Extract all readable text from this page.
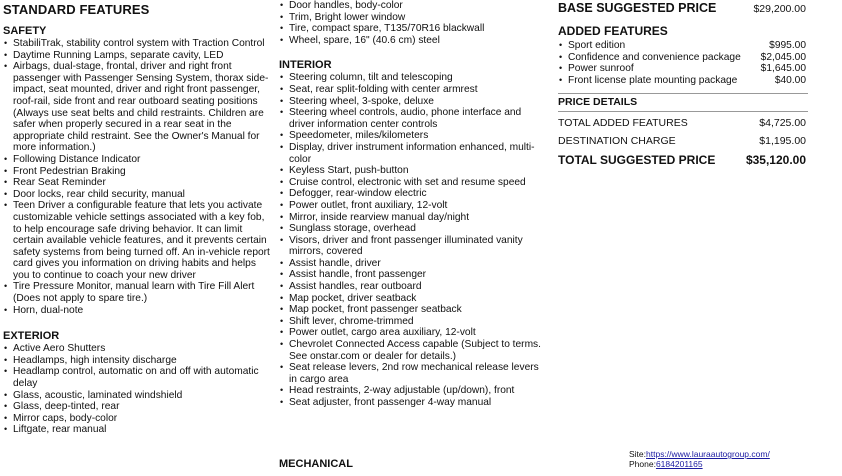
STANDARD FEATURES
SAFETY
• StabiliTrak, stability control system with Traction Control
• Daytime Running Lamps, separate cavity, LED
• Airbags, dual-stage, frontal, driver and right front passenger with Passenger Sensing System, thorax side-impact, seat mounted, driver and right front passenger, roof-rail, side front and rear outboard seating positions (Always use seat belts and child restraints. Children are safer when properly secured in a rear seat in the appropriate child restraint. See the Owner's Manual for more information.)
• Following Distance Indicator
• Front Pedestrian Braking
• Rear Seat Reminder
• Door locks, rear child security, manual
• Teen Driver a configurable feature that lets you activate customizable vehicle settings associated with a key fob, to help encourage safe driving behavior. It can limit certain available vehicle features, and it prevents certain safety systems from being turned off. An in-vehicle report card gives you information on driving habits and helps you to continue to coach your new driver
• Tire Pressure Monitor, manual learn with Tire Fill Alert (Does not apply to spare tire.)
• Horn, dual-note
EXTERIOR
• Active Aero Shutters
• Headlamps, high intensity discharge
• Headlamp control, automatic on and off with automatic delay
• Glass, acoustic, laminated windshield
• Glass, deep-tinted, rear
• Mirror caps, body-color
• Liftgate, rear manual
• Door handles, body-color
• Trim, Bright lower window
• Tire, compact spare, T135/70R16 blackwall
• Wheel, spare, 16" (40.6 cm) steel
INTERIOR
• Steering column, tilt and telescoping
• Seat, rear split-folding with center armrest
• Steering wheel, 3-spoke, deluxe
• Steering wheel controls, audio, phone interface and driver information center controls
• Speedometer, miles/kilometers
• Display, driver instrument information enhanced, multi-color
• Keyless Start, push-button
• Cruise control, electronic with set and resume speed
• Defogger, rear-window electric
• Power outlet, front auxiliary, 12-volt
• Mirror, inside rearview manual day/night
• Sunglass storage, overhead
• Visors, driver and front passenger illuminated vanity mirrors, covered
• Assist handle, driver
• Assist handle, front passenger
• Assist handles, rear outboard
• Map pocket, driver seatback
• Map pocket, front passenger seatback
• Shift lever, chrome-trimmed
• Power outlet, cargo area auxiliary, 12-volt
• Chevrolet Connected Access capable (Subject to terms. See onstar.com or dealer for details.)
• Seat release levers, 2nd row mechanical release levers in cargo area
• Head restraints, 2-way adjustable (up/down), front
• Seat adjuster, front passenger 4-way manual
MECHANICAL
BASE SUGGESTED PRICE	$29,200.00
ADDED FEATURES
• Sport edition	$995.00
• Confidence and convenience package $2,045.00
• Power sunroof	$1,645.00
• Front license plate mounting package	$40.00
PRICE DETAILS
TOTAL ADDED FEATURES	$4,725.00
DESTINATION CHARGE	$1,195.00
TOTAL SUGGESTED PRICE	$35,120.00
Site:https://www.lauraautogroup.com/
Phone:6184201165
